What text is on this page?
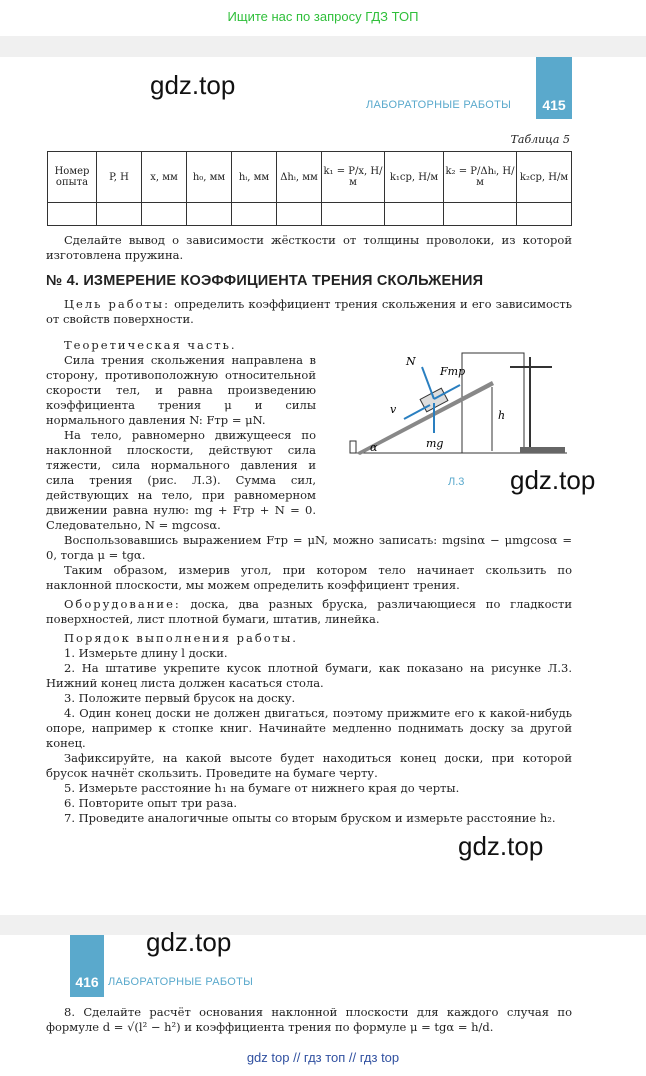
Ищите нас по запросу ГДЗ ТОП
gdz.top
ЛАБОРАТОРНЫЕ РАБОТЫ	415
Таблица 5
Номер опыта	P, Н	x, мм	h₀, мм	hᵢ, мм	Δhᵢ, мм	k₁ = P/x, Н/м	k₁ср, Н/м	k₂ = P/Δhᵢ, Н/м	k₂ср, Н/м

Сделайте вывод о зависимости жёсткости от толщины проволоки, из которой изготовлена пружина.

№ 4. ИЗМЕРЕНИЕ КОЭФФИЦИЕНТА ТРЕНИЯ СКОЛЬЖЕНИЯ

Цель работы: определить коэффициент трения скольжения и его зависимость от свойств поверхности.

Теоретическая часть.

Сила трения скольжения направлена в сторону, противоположную относительной скорости тел, и равна произведению коэффициента трения μ и силы нормального давления N: Fтр = μN.

На тело, равномерно движущееся по наклонной плоскости, действуют сила тяжести, сила нормального давления и сила трения (рис. Л.3). Сумма сил, действующих на тело, при равномерном движении равна нулю: mg + Fтр + N = 0. Следовательно, N = mgcosα.

N
Fтр
v
mg
h
α
Л.3 gdz.top

Воспользовавшись выражением Fтр = μN, можно записать: mgsinα − μmgcosα = 0, тогда μ = tgα.

Таким образом, измерив угол, при котором тело начинает скользить по наклонной плоскости, мы можем определить коэффициент трения.

Оборудование: доска, два разных бруска, различающиеся по гладкости поверхностей, лист плотной бумаги, штатив, линейка.

Порядок выполнения работы.

1. Измерьте длину l доски.

2. На штативе укрепите кусок плотной бумаги, как показано на рисунке Л.3. Нижний конец листа должен касаться стола.

3. Положите первый брусок на доску.

4. Один конец доски не должен двигаться, поэтому прижмите его к какой-нибудь опоре, например к стопке книг. Начинайте медленно поднимать доску за другой конец.

Зафиксируйте, на какой высоте будет находиться конец доски, при которой брусок начнёт скользить. Проведите на бумаге черту.

5. Измерьте расстояние h₁ на бумаге от нижнего края до черты.

6. Повторите опыт три раза.

7. Проведите аналогичные опыты со вторым бруском и измерьте расстояние h₂.

gdz.top
416
gdz.top
ЛАБОРАТОРНЫЕ РАБОТЫ

8. Сделайте расчёт основания наклонной плоскости для каждого случая по формуле d = √(l² − h²) и коэффициента трения по формуле μ = tgα = h/d.

gdz top // гдз топ // гдз top
